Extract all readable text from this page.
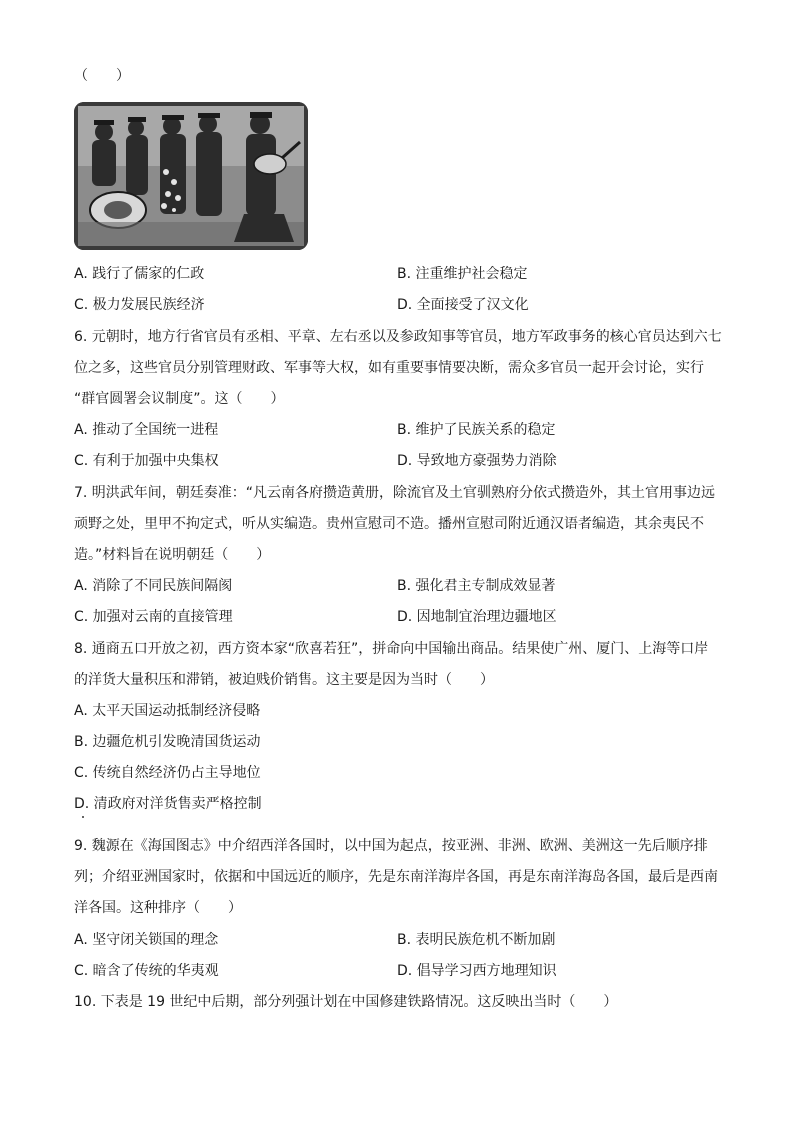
（　　）
A. 践行了儒家的仁政	B. 注重维护社会稳定
C. 极力发展民族经济	D. 全面接受了汉文化
6. 元朝时，地方行省官员有丞相、平章、左右丞以及参政知事等官员，地方军政事务的核心官员达到六七
位之多，这些官员分别管理财政、军事等大权，如有重要事情要决断，需众多官员一起开会讨论，实行
“群官圆署会议制度”。这（　　）
A. 推动了全国统一进程	B. 维护了民族关系的稳定
C. 有利于加强中央集权	D. 导致地方豪强势力消除
7. 明洪武年间，朝廷奏准：“凡云南各府攒造黄册，除流官及土官驯熟府分依式攒造外，其土官用事边远
顽野之处，里甲不拘定式，听从实编造。贵州宣慰司不造。播州宣慰司附近通汉语者编造，其余夷民不
造。”材料旨在说明朝廷（　　）
A. 消除了不同民族间隔阂	B. 强化君主专制成效显著
C. 加强对云南的直接管理	D. 因地制宜治理边疆地区
8. 通商五口开放之初，西方资本家“欣喜若狂”，拼命向中国输出商品。结果使广州、厦门、上海等口岸
的洋货大量积压和滞销，被迫贱价销售。这主要是因为当时（　　）
A. 太平天国运动抵制经济侵略
B. 边疆危机引发晚清国货运动
C. 传统自然经济仍占主导地位
D. 清政府对洋货售卖严格控制
9. 魏源在《海国图志》中介绍西洋各国时，以中国为起点，按亚洲、非洲、欧洲、美洲这一先后顺序排
列；介绍亚洲国家时，依据和中国远近的顺序，先是东南洋海岸各国，再是东南洋海岛各国，最后是西南
洋各国。这种排序（　　）
A. 坚守闭关锁国的理念	B. 表明民族危机不断加剧
C. 暗含了传统的华夷观	D. 倡导学习西方地理知识
10. 下表是 19 世纪中后期，部分列强计划在中国修建铁路情况。这反映出当时（　　）
